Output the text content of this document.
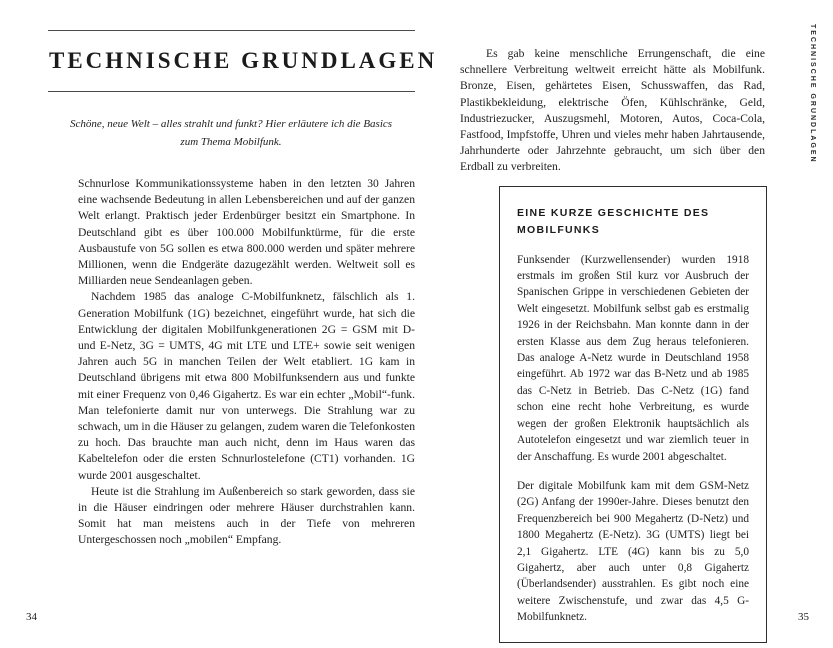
TECHNISCHE GRUNDLAGEN

Schöne, neue Welt – alles strahlt und funkt? Hier erläutere ich die Basics zum Thema Mobilfunk.

Schnurlose Kommunikationssysteme haben in den letzten 30 Jahren eine wachsende Bedeutung in allen Lebensbereichen und auf der ganzen Welt erlangt. Praktisch jeder Erdenbürger besitzt ein Smartphone. In Deutschland gibt es über 100.000 Mobilfunktürme, für die erste Ausbaustufe von 5G sollen es etwa 800.000 werden und später mehrere Millionen, wenn die Endgeräte dazugezählt werden. Weltweit soll es Milliarden neue Sendeanlagen geben.

Nachdem 1985 das analoge C-Mobilfunknetz, fälschlich als 1. Generation Mobilfunk (1G) bezeichnet, eingeführt wurde, hat sich die Entwicklung der digitalen Mobilfunkgenerationen 2G = GSM mit D- und E-Netz, 3G = UMTS, 4G mit LTE und LTE+ sowie seit wenigen Jahren auch 5G in manchen Teilen der Welt etabliert. 1G kam in Deutschland übrigens mit etwa 800 Mobilfunksendern aus und funkte mit einer Frequenz von 0,46 Gigahertz. Es war ein echter „Mobil“-funk. Man telefonierte damit nur von unterwegs. Die Strahlung war zu schwach, um in die Häuser zu gelangen, zudem waren die Telefonkosten zu hoch. Das brauchte man auch nicht, denn im Haus waren das Kabeltelefon oder die ersten Schnurlostelefone (CT1) vorhanden. 1G wurde 2001 ausgeschaltet.

Heute ist die Strahlung im Außenbereich so stark geworden, dass sie in die Häuser eindringen oder mehrere Häuser durchstrahlen kann. Somit hat man meistens auch in der Tiefe von mehreren Untergeschossen noch „mobilen“ Empfang.

34

Es gab keine menschliche Errungenschaft, die eine schnellere Verbreitung weltweit erreicht hätte als Mobilfunk. Bronze, Eisen, gehärtetes Eisen, Schusswaffen, das Rad, Plastikbekleidung, elektrische Öfen, Kühlschränke, Geld, Industriezucker, Auszugsmehl, Motoren, Autos, Coca-Cola, Fastfood, Impfstoffe, Uhren und vieles mehr haben Jahrtausende, Jahrhunderte oder Jahrzehnte gebraucht, um sich über den Erdball zu verbreiten.

EINE KURZE GESCHICHTE DES MOBILFUNKS

Funksender (Kurzwellensender) wurden 1918 erstmals im großen Stil kurz vor Ausbruch der Spanischen Grippe in verschiedenen Gebieten der Welt eingesetzt. Mobilfunk selbst gab es erstmalig 1926 in der Reichsbahn. Man konnte dann in der ersten Klasse aus dem Zug heraus telefonieren. Das analoge A-Netz wurde in Deutschland 1958 eingeführt. Ab 1972 war das B-Netz und ab 1985 das C-Netz in Betrieb. Das C-Netz (1G) fand schon eine recht hohe Verbreitung, es wurde wegen der großen Elektronik hauptsächlich als Autotelefon eingesetzt und war ziemlich teuer in der Anschaffung. Es wurde 2001 abgeschaltet.

Der digitale Mobilfunk kam mit dem GSM-Netz (2G) Anfang der 1990er-Jahre. Dieses benutzt den Frequenzbereich bei 900 Megahertz (D-Netz) und 1800 Megahertz (E-Netz). 3G (UMTS) liegt bei 2,1 Gigahertz. LTE (4G) kann bis zu 5,0 Gigahertz, aber auch unter 0,8 Gigahertz (Überlandsender) ausstrahlen. Es gibt noch eine weitere Zwischenstufe, und zwar das 4,5 G-Mobilfunknetz.

TECHNISCHE GRUNDLAGEN
35
